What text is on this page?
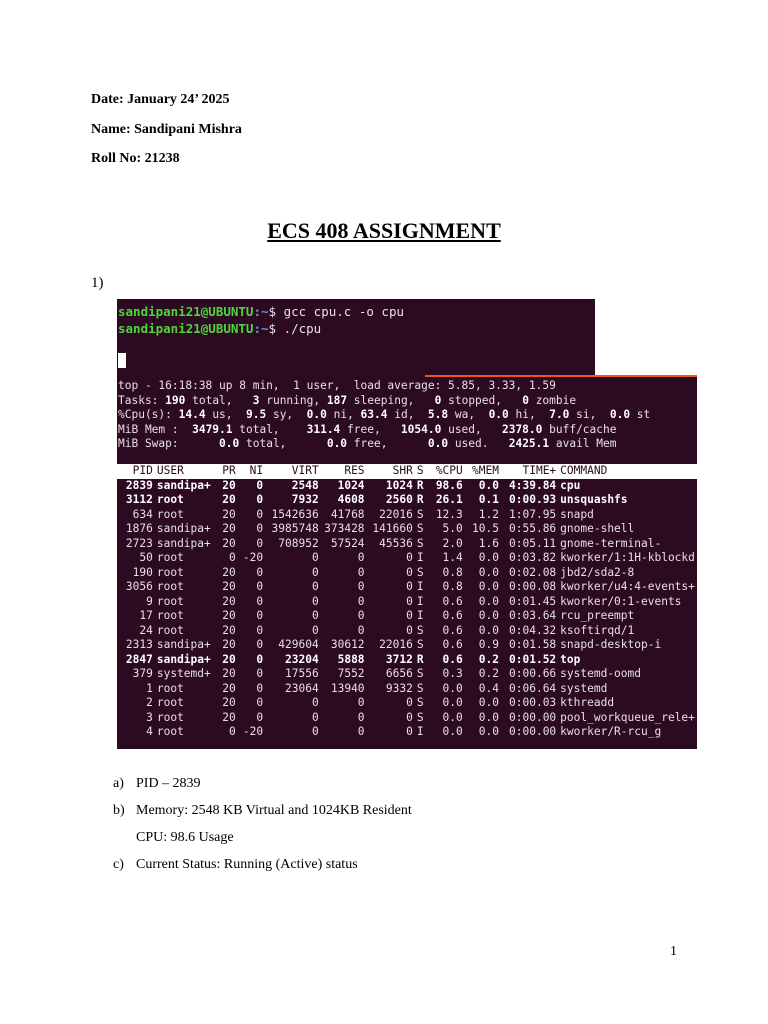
Date: January 24’ 2025
Name: Sandipani Mishra
Roll No: 21238
ECS 408 ASSIGNMENT
1)

sandipani21@UBUNTU:~$ gcc cpu.c -o cpu

sandipani21@UBUNTU:~$ ./cpu

top - 16:18:38 up 8 min,  1 user,  load average: 5.85, 3.33, 1.59
Tasks: 190 total,   3 running, 187 sleeping,   0 stopped,   0 zombie
%Cpu(s): 14.4 us,  9.5 sy,  0.0 ni, 63.4 id,  5.8 wa,  0.0 hi,  7.0 si,  0.0 st
MiB Mem :  3479.1 total,    311.4 free,   1054.0 used,   2378.0 buff/cache
MiB Swap:      0.0 total,      0.0 free,      0.0 used.   2425.1 avail Mem

PID	USER	PR	NI	VIRT	RES	SHR	S	%CPU	%MEM	TIME+	COMMAND
2839	sandipa+	20	0	2548	1024	1024	R	98.6	0.0	4:39.84	cpu
3112	root	20	0	7932	4608	2560	R	26.1	0.1	0:00.93	unsquashfs
634	root	20	0	1542636	41768	22016	S	12.3	1.2	1:07.95	snapd
1876	sandipa+	20	0	3985748	373428	141660	S	5.0	10.5	0:55.86	gnome-shell
2723	sandipa+	20	0	708952	57524	45536	S	2.0	1.6	0:05.11	gnome-terminal-
50	root	0	-20	0	0	0	I	1.4	0.0	0:03.82	kworker/1:1H-kblockd
190	root	20	0	0	0	0	S	0.8	0.0	0:02.08	jbd2/sda2-8
3056	root	20	0	0	0	0	I	0.8	0.0	0:00.08	kworker/u4:4-events+
9	root	20	0	0	0	0	I	0.6	0.0	0:01.45	kworker/0:1-events
17	root	20	0	0	0	0	I	0.6	0.0	0:03.64	rcu_preempt
24	root	20	0	0	0	0	S	0.6	0.0	0:04.32	ksoftirqd/1
2313	sandipa+	20	0	429604	30612	22016	S	0.6	0.9	0:01.58	snapd-desktop-i
2847	sandipa+	20	0	23204	5888	3712	R	0.6	0.2	0:01.52	top
379	systemd+	20	0	17556	7552	6656	S	0.3	0.2	0:00.66	systemd-oomd
1	root	20	0	23064	13940	9332	S	0.0	0.4	0:06.64	systemd
2	root	20	0	0	0	0	S	0.0	0.0	0:00.03	kthreadd
3	root	20	0	0	0	0	S	0.0	0.0	0:00.00	pool_workqueue_rele+
4	root	0	-20	0	0	0	I	0.0	0.0	0:00.00	kworker/R-rcu_g

a) PID – 2839
b) Memory: 2548 KB Virtual and 1024KB Resident
CPU: 98.6 Usage
c) Current Status: Running (Active) status
1
